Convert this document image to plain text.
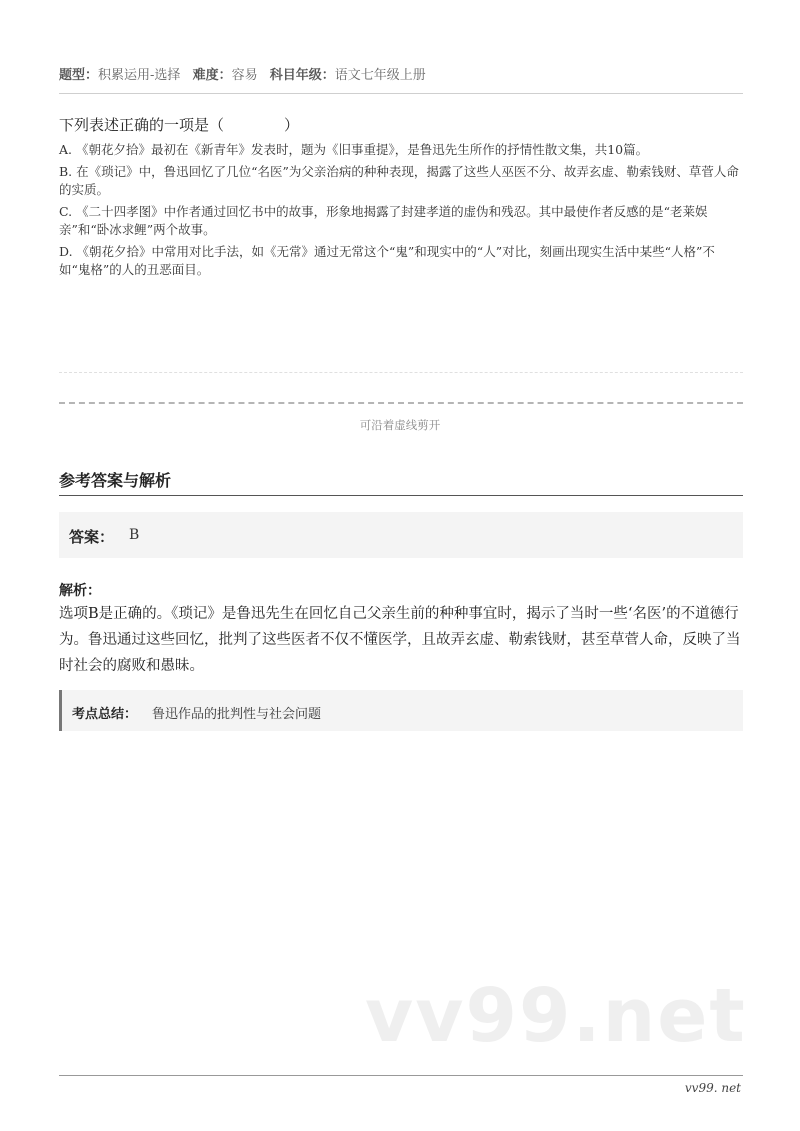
题型：积累运用-选择 难度：容易 科目年级：语文七年级上册
下列表述正确的一项是（　　　　）
A. 《朝花夕拾》最初在《新青年》发表时，题为《旧事重提》，是鲁迅先生所作的抒情性散文集，共10篇。
B. 在《琐记》中，鲁迅回忆了几位“名医”为父亲治病的种种表现，揭露了这些人巫医不分、故弄玄虚、勒索钱财、草菅人命的实质。
C. 《二十四孝图》中作者通过回忆书中的故事，形象地揭露了封建孝道的虚伪和残忍。其中最使作者反感的是“老莱娱亲”和“卧冰求鲤”两个故事。
D. 《朝花夕拾》中常用对比手法，如《无常》通过无常这个“鬼”和现实中的“人”对比，刻画出现实生活中某些“人格”不如“鬼格”的人的丑恶面目。
可沿着虚线剪开
参考答案与解析
答案： B
解析：
选项B是正确的。《琐记》是鲁迅先生在回忆自己父亲生前的种种事宜时，揭示了当时一些‘名医’的不道德行为。鲁迅通过这些回忆，批判了这些医者不仅不懂医学，且故弄玄虚、勒索钱财，甚至草菅人命，反映了当时社会的腐败和愚昧。
考点总结： 鲁迅作品的批判性与社会问题
vv99.net
vv99. net
